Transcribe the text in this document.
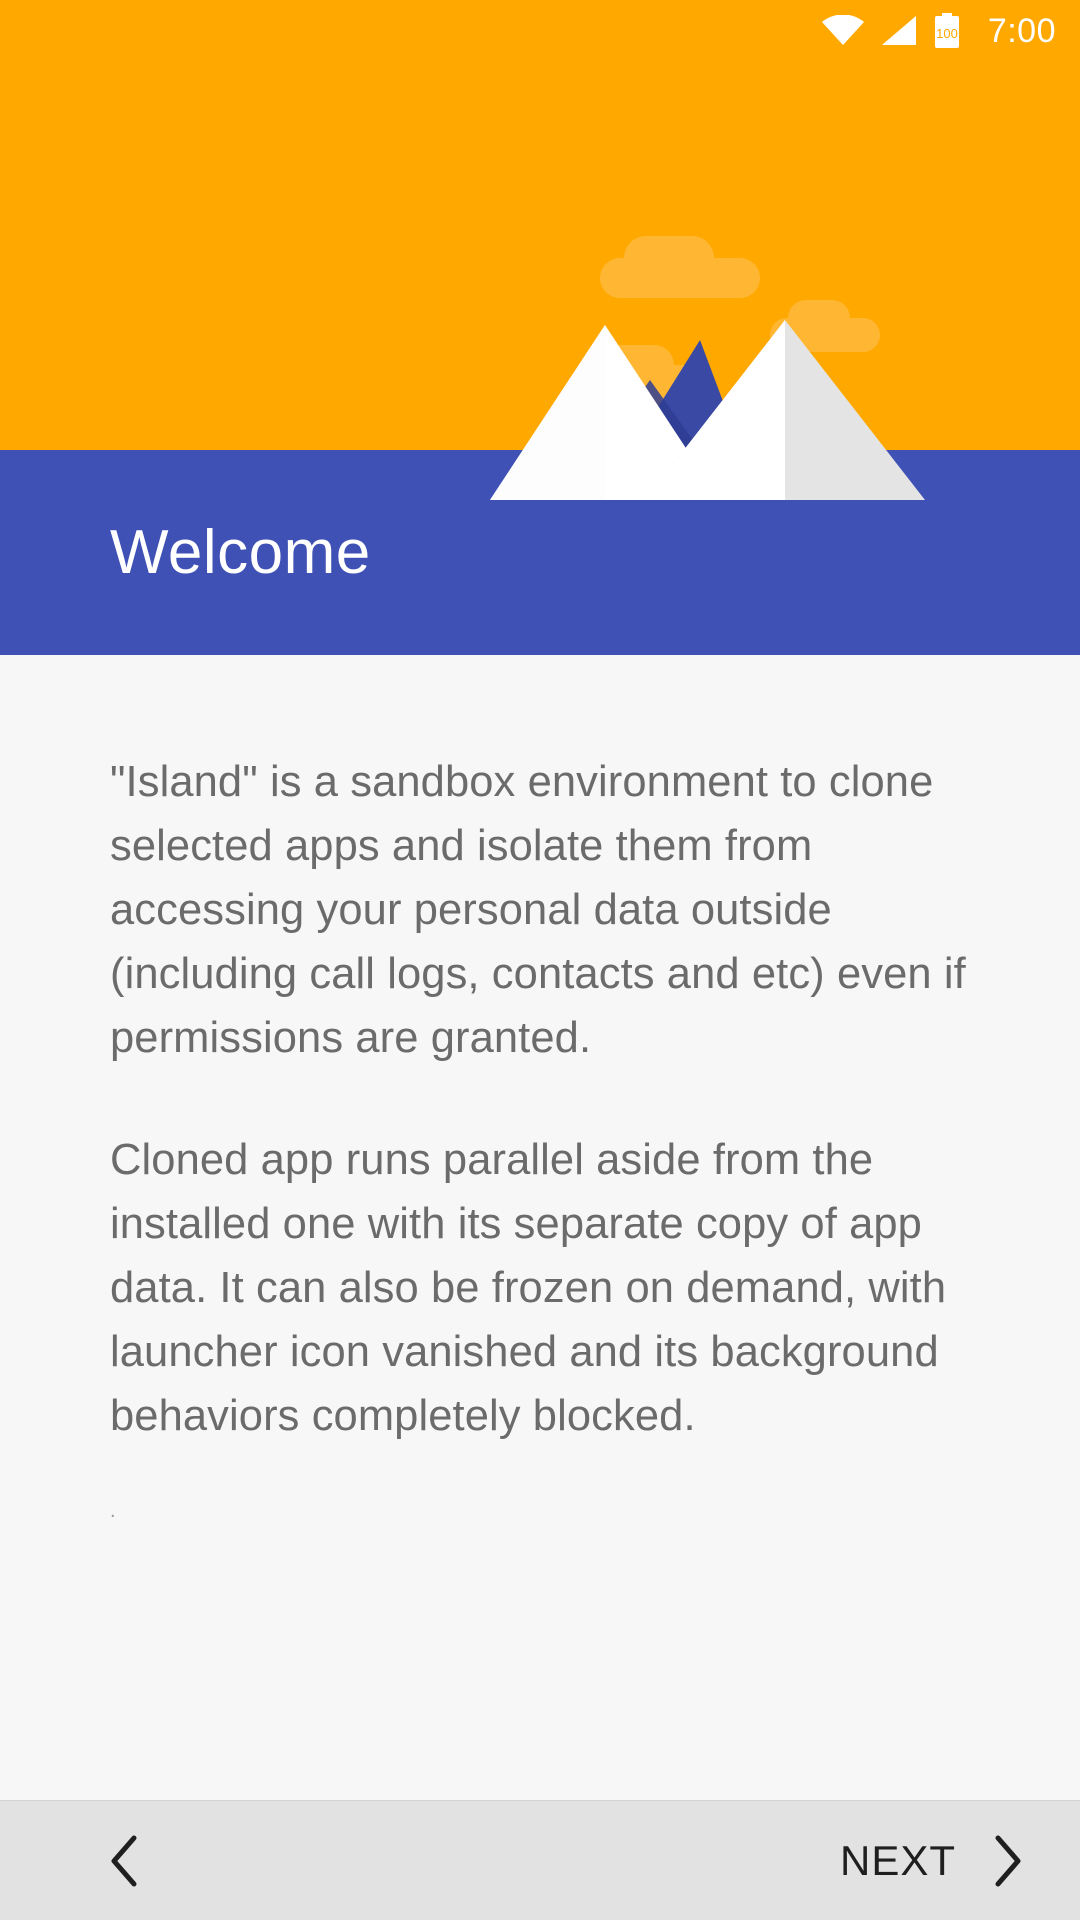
Welcome
100 7:00

"Island" is a sandbox environment to clone selected apps and isolate them from accessing your personal data outside (including call logs, contacts and etc) even if permissions are granted.

Cloned app runs parallel aside from the installed one with its separate copy of app data. It can also be frozen on demand, with launcher icon vanished and its background behaviors completely blocked.

.

NEXT
